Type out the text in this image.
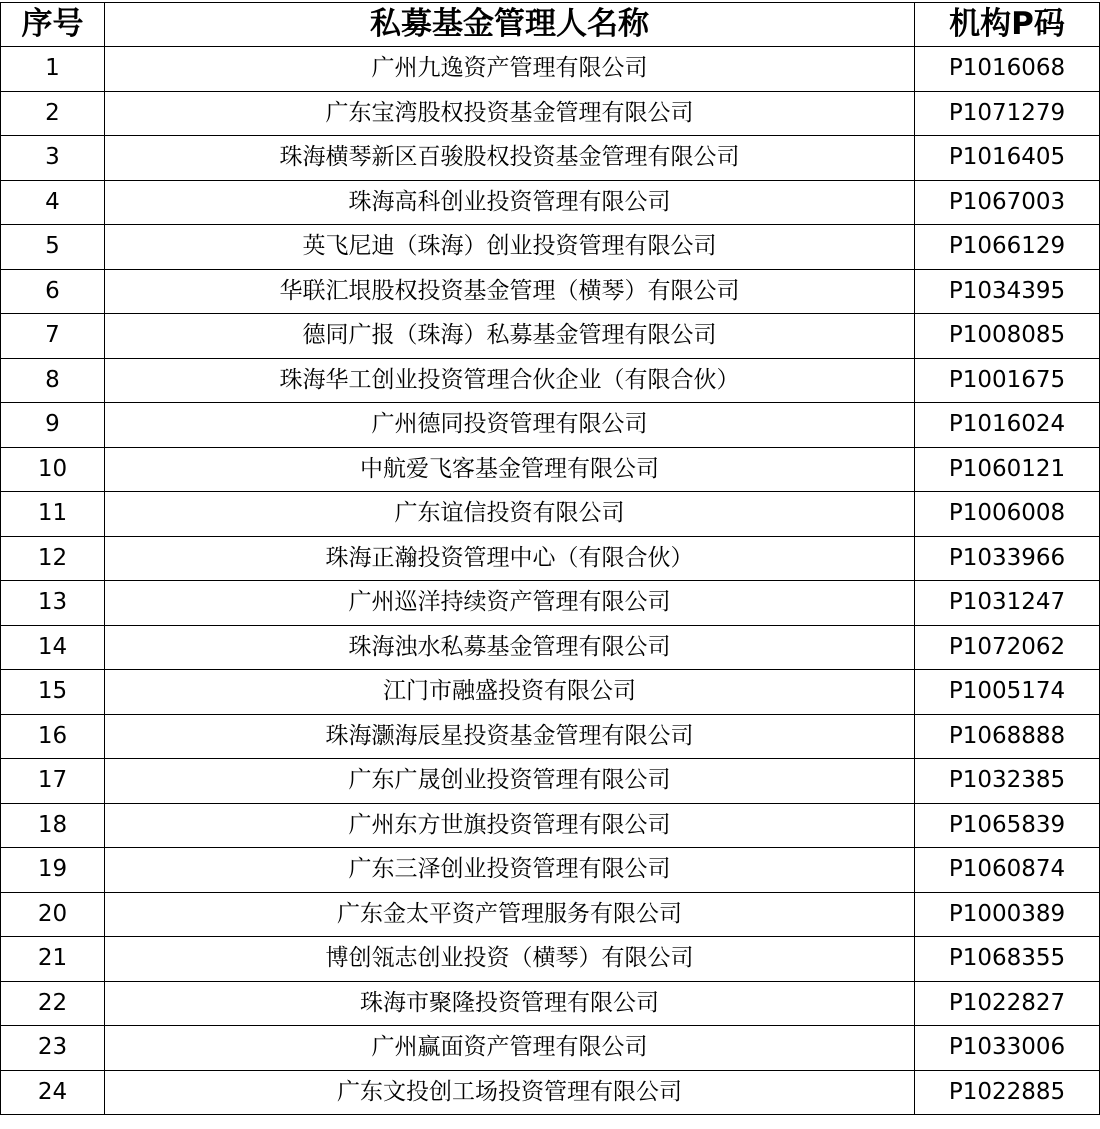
序号	私募基金管理人名称	机构P码
1	广州九逸资产管理有限公司	P1016068
2	广东宝湾股权投资基金管理有限公司	P1071279
3	珠海横琴新区百骏股权投资基金管理有限公司	P1016405
4	珠海高科创业投资管理有限公司	P1067003
5	英飞尼迪（珠海）创业投资管理有限公司	P1066129
6	华联汇垠股权投资基金管理（横琴）有限公司	P1034395
7	德同广报（珠海）私募基金管理有限公司	P1008085
8	珠海华工创业投资管理合伙企业（有限合伙）	P1001675
9	广州德同投资管理有限公司	P1016024
10	中航爱飞客基金管理有限公司	P1060121
11	广东谊信投资有限公司	P1006008
12	珠海正瀚投资管理中心（有限合伙）	P1033966
13	广州巡洋持续资产管理有限公司	P1031247
14	珠海浊水私募基金管理有限公司	P1072062
15	江门市融盛投资有限公司	P1005174
16	珠海灏海辰星投资基金管理有限公司	P1068888
17	广东广晟创业投资管理有限公司	P1032385
18	广州东方世旗投资管理有限公司	P1065839
19	广东三泽创业投资管理有限公司	P1060874
20	广东金太平资产管理服务有限公司	P1000389
21	博创瓴志创业投资（横琴）有限公司	P1068355
22	珠海市聚隆投资管理有限公司	P1022827
23	广州赢面资产管理有限公司	P1033006
24	广东文投创工场投资管理有限公司	P1022885
